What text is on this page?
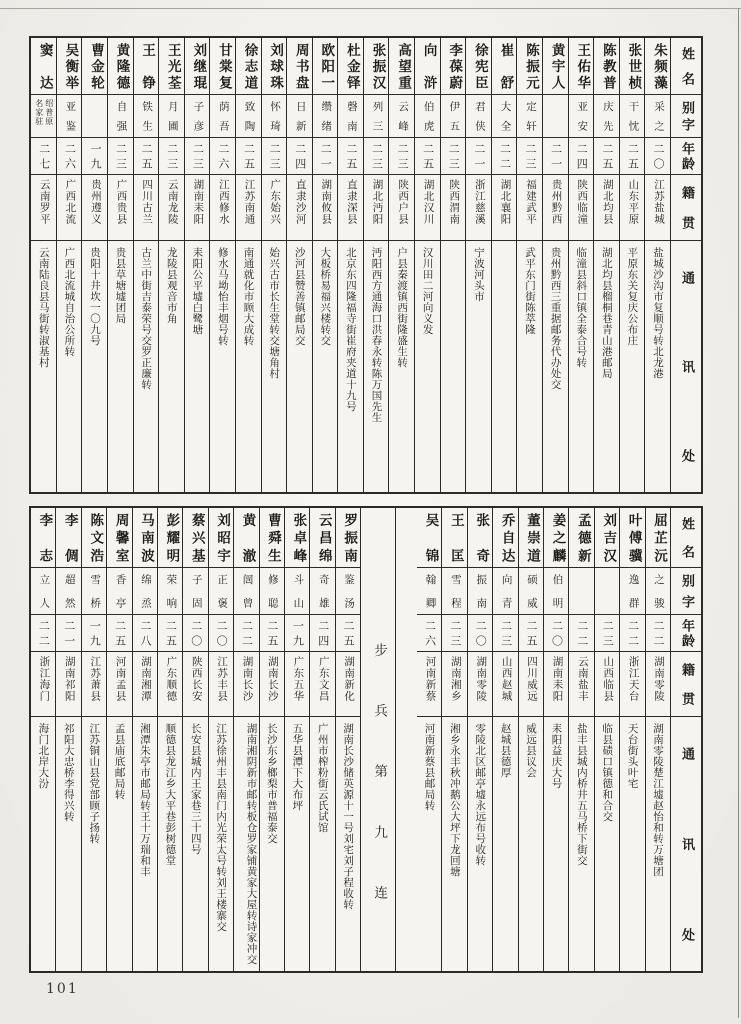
姓名
别字
年龄
籍贯
通讯处
朱频藻
采之
二〇
江苏盐城
盐城沙沟市复顺号转北龙港
张世桢
干忱
二五
山东平原
平原东关复庆公布庄
陈教普
庆先
二五
湖北均县
湖北均县榴桐巷青山港邮局
王佑华
亚安
二四
陕西临潼
临潼县斜口镇全泰合号转
黄宇人
二一
贵州黔西
贵州黔西三重据邮务代办处交
陈振元
定轩
二三
福建武平
武平东门街陈萃隆
崔舒
大全
二二
湖北襄阳
徐宪臣
君侠
二一
浙江慈溪
宁波河头市
李葆蔚
伊五
二三
陕西渭南
向浒
伯虎
二五
湖北汉川
汉川田二河向义发
高望重
云峰
二三
陕西户县
户县秦渡镇西街隆盛生转
张振汉
列三
二三
湖北沔阳
沔阳西方通海口洪春永转陈万国先生
杜金铎
磬南
二五
直隶深县
北京东四隆福寺街崔府夹道十九号
欧阳一
缵绪
二一
湖南攸县
大板桥易福兴楼转交
周书盘
日新
二四
直隶沙河
沙河县赞善镇邮局交
刘球珠
怀琦
二三
广东始兴
始兴古市长生堂转交塘角村
徐志道
致陶
二五
江苏南通
南通就化市顾大成转
甘棠复
荫吾
二六
江西修水
修水马坳怡丰烟号转
刘继琨
子彦
二三
湖南耒阳
耒阳公平墟白鹭塘
王光荃
月圃
二三
云南龙陵
龙陵县观音市角
王铮
铁生
二五
四川古兰
古兰中街吉泰荣号交罗正廉转
黄隆德
自强
二三
广西贵县
贵县草塘墟团局
曹金轮
一九
贵州遵义
贵阳十井坎一〇九号
吴衡举
亚鉴
二六
广西北流
广西北流城自治公所转
窦达
绍普原名家驻
二七
云南罗平
云南陆良县马街转淑基村
姓名
别字
年龄
籍贯
通讯处
屈芷沅
之骏
二二
湖南零陵
湖南零陵楚江墟赵怡和转万塘团
叶傅骥
逸群
二二
浙江天台
天台街头叶宅
刘吉汉
二三
山西临县
临县碛口镇德和合交
孟德新
二二
云南盐丰
盐丰县城内桥井五马桥下街交
姜之麟
伯明
二〇
湖南耒阳
耒阳益庆大号
董崇道
硕威
二五
四川威远
威远县议会
乔自达
向青
二三
山西赵城
赵城县德厚
张奇
振南
二〇
湖南零陵
零陵北区邮亭墟永远布号收转
王匡
雪程
二三
湖南湘乡
湘乡永丰秋冲鹅公大坪下龙回塘
吴锦
翰卿
二六
河南新蔡
河南新蔡县邮局转
步兵第九连
罗振南
鉴汤
二五
湖南新化
湖南长沙储英源十一号刘宅刘子程收转
云昌绵
奇雄
二四
广东文昌
广州市榨粉街云氏试馆
张卓峰
斗山
一九
广东五华
五华县潭下大布坪
曹舜生
修聪
二五
湖南长沙
长沙东乡榔梨市普福泰交
黄澈
闿曾
二二
湖南长沙
湖南湘阴新市邮转板仓罗家铺黄家大屋转诗家冲交
刘昭宇
正褒
二〇
江苏丰县
江苏徐州丰县南门内光荣太号转刘王楼寨交
蔡兴基
子固
二〇
陕西长安
长安县城内王家巷三十四号
彭耀明
荣响
二五
广东顺德
顺德县龙江乡大平巷彭树德堂
马南波
绵烝
二八
湖南湘潭
湘潭朱亭市邮局转王十万瑞和丰
周馨室
香亭
二五
河南孟县
孟县庙底邮局转
陈文浩
雪桥
一九
江苏萧县
江苏铜山县党部顾子扬转
李倜
超然
二一
湖南祁阳
祁阳大忠桥李得兴转
李志
立人
二二
浙江海门
海门北岸大汾
101
